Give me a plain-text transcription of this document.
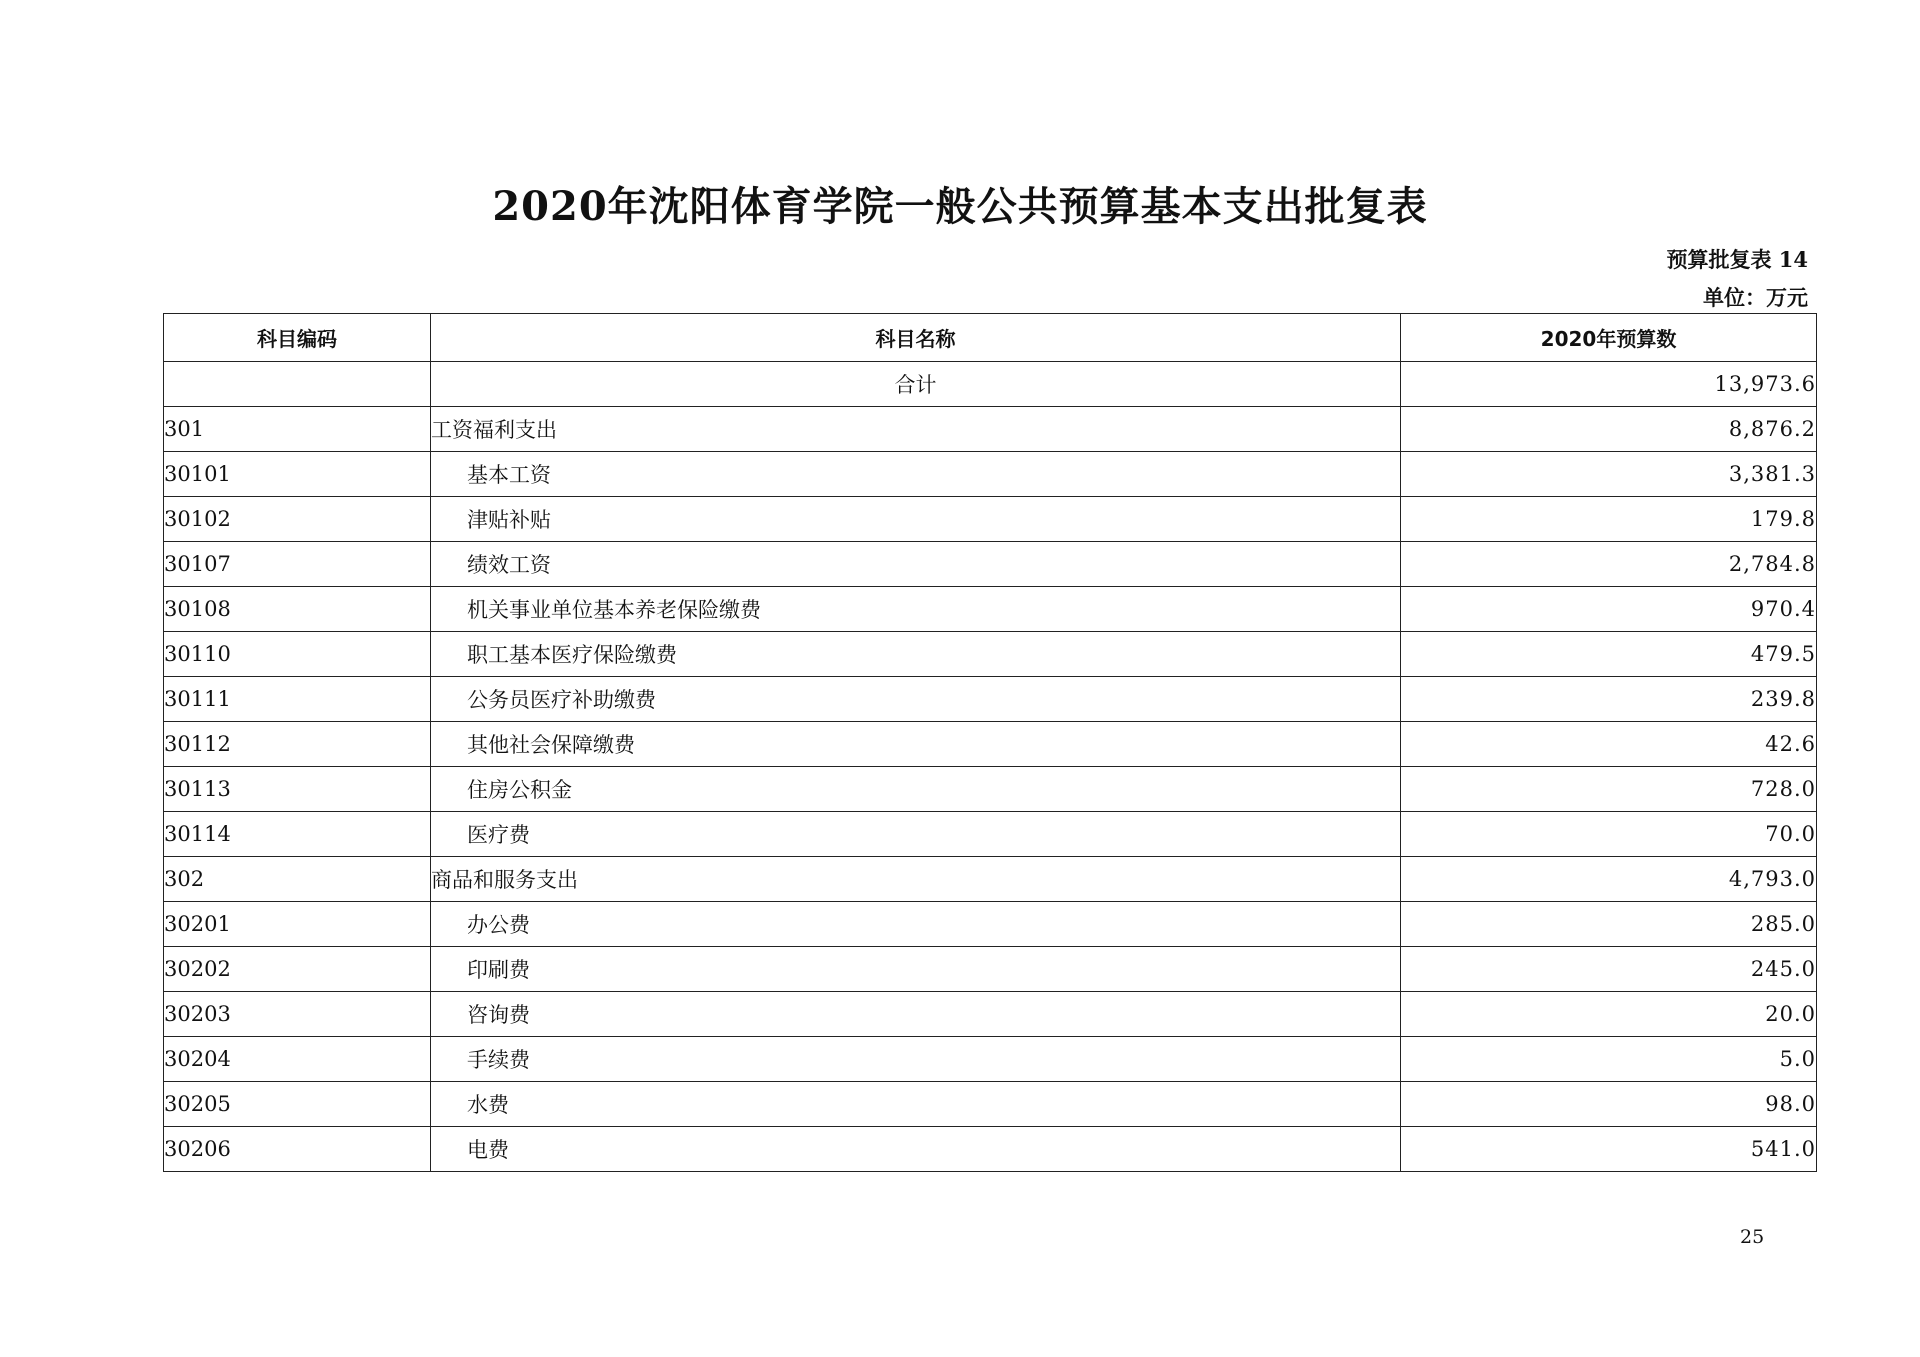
2020年沈阳体育学院一般公共预算基本支出批复表
预算批复表 14
单位：万元
科目编码	科目名称	2020年预算数
	合计	13,973.6
301	工资福利支出	8,876.2
30101	基本工资	3,381.3
30102	津贴补贴	179.8
30107	绩效工资	2,784.8
30108	机关事业单位基本养老保险缴费	970.4
30110	职工基本医疗保险缴费	479.5
30111	公务员医疗补助缴费	239.8
30112	其他社会保障缴费	42.6
30113	住房公积金	728.0
30114	医疗费	70.0
302	商品和服务支出	4,793.0
30201	办公费	285.0
30202	印刷费	245.0
30203	咨询费	20.0
30204	手续费	5.0
30205	水费	98.0
30206	电费	541.0
25
